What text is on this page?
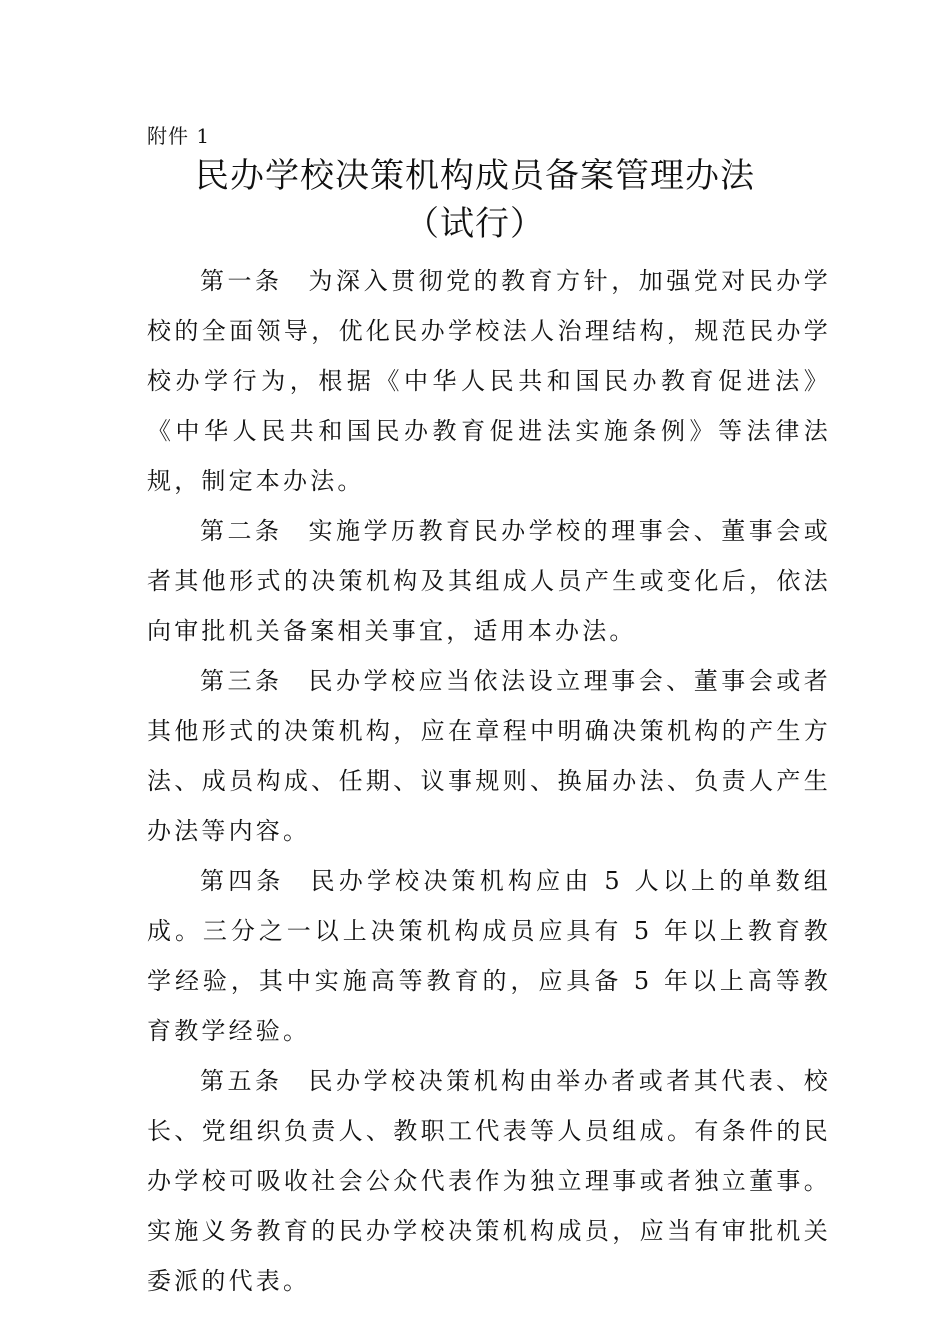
附件 1
民办学校决策机构成员备案管理办法
（试行）

第一条 为深入贯彻党的教育方针，加强党对民办学校的全面领导，优化民办学校法人治理结构，规范民办学校办学行为，根据《中华人民共和国民办教育促进法》《中华人民共和国民办教育促进法实施条例》等法律法规，制定本办法。

第二条 实施学历教育民办学校的理事会、董事会或者其他形式的决策机构及其组成人员产生或变化后，依法向审批机关备案相关事宜，适用本办法。

第三条 民办学校应当依法设立理事会、董事会或者其他形式的决策机构，应在章程中明确决策机构的产生方法、成员构成、任期、议事规则、换届办法、负责人产生办法等内容。

第四条 民办学校决策机构应由 5 人以上的单数组成。三分之一以上决策机构成员应具有 5 年以上教育教学经验，其中实施高等教育的，应具备 5 年以上高等教育教学经验。

第五条 民办学校决策机构由举办者或者其代表、校长、党组织负责人、教职工代表等人员组成。有条件的民办学校可吸收社会公众代表作为独立理事或者独立董事。实施义务教育的民办学校决策机构成员，应当有审批机关委派的代表。
